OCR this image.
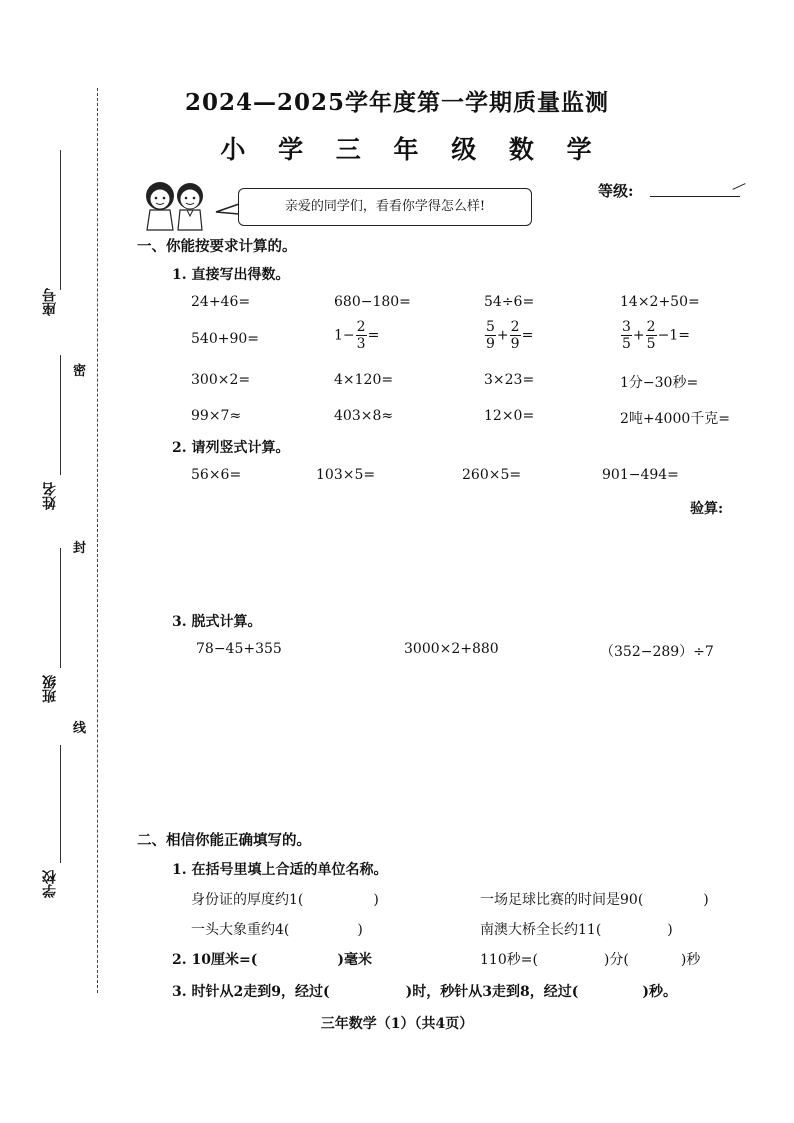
2024—2025学年度第一学期质量监测
小 学 三 年 级 数 学
亲爱的同学们，看看你学得怎么样!
等级:
座号
姓名
班级
学校
密
封
线
一、你能按要求计算的。
1. 直接写出得数。
24+46=	680−180=	54÷6=	14×2+50=
540+90=	$1- \frac{2}{3}$ =	$\frac{5}{9} + \frac{2}{9}$ =	$\frac{3}{5} + \frac{2}{5} -1=$
300×2=	4×120=	3×23=	1分−30秒=
99×7≈	403×8≈	12×0=	2吨+4000千克=
2. 请列竖式计算。
56×6=	103×5=	260×5=	901−494=
验算:
3. 脱式计算。
78−45+355	3000×2+880	（352−289）÷7
二、相信你能正确填写的。
1. 在括号里填上合适的单位名称。
身份证的厚度约1(	)	一场足球比赛的时间是90(	)
一头大象重约4(	)	南澳大桥全长约11(	)
2. 10厘米=(	)毫米	110秒=(	)分(	)秒
3. 时针从2走到9，经过(	)时，秒针从3走到8，经过(	)秒。
三年数学（1）（共4页）
